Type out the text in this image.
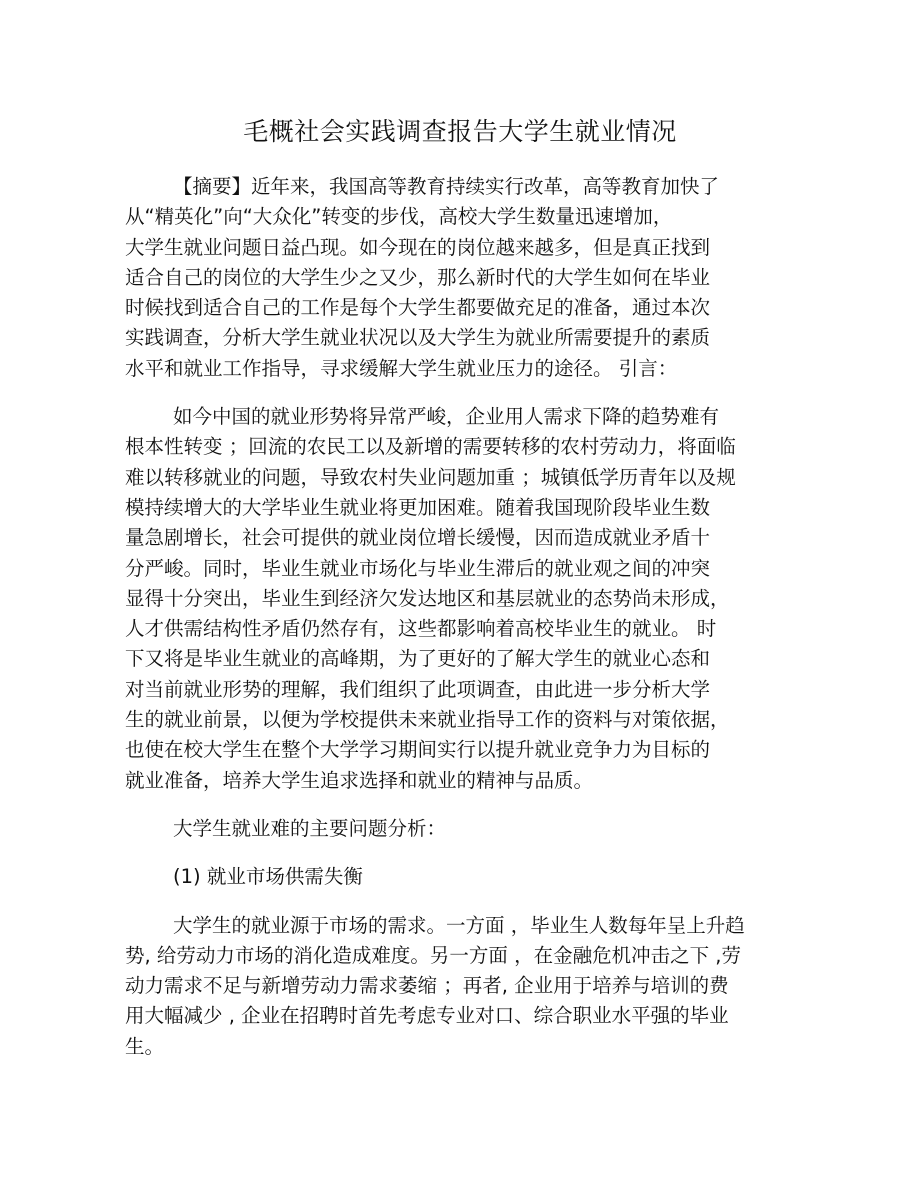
毛概社会实践调查报告大学生就业情况

【摘要】近年来，我国高等教育持续实行改革，高等教育加快了
从“精英化”向“大众化”转变的步伐，高校大学生数量迅速增加，
大学生就业问题日益凸现。如今现在的岗位越来越多，但是真正找到
适合自己的岗位的大学生少之又少，那么新时代的大学生如何在毕业
时候找到适合自己的工作是每个大学生都要做充足的准备，通过本次
实践调查，分析大学生就业状况以及大学生为就业所需要提升的素质
水平和就业工作指导，寻求缓解大学生就业压力的途径。 引言：

如今中国的就业形势将异常严峻，企业用人需求下降的趋势难有
根本性转变 ；回流的农民工以及新增的需要转移的农村劳动力，将面临
难以转移就业的问题，导致农村失业问题加重 ；城镇低学历青年以及规
模持续增大的大学毕业生就业将更加困难。随着我国现阶段毕业生数
量急剧增长，社会可提供的就业岗位增长缓慢，因而造成就业矛盾十
分严峻。同时，毕业生就业市场化与毕业生滞后的就业观之间的冲突
显得十分突出，毕业生到经济欠发达地区和基层就业的态势尚未形成，
人才供需结构性矛盾仍然存有，这些都影响着高校毕业生的就业。 时
下又将是毕业生就业的高峰期，为了更好的了解大学生的就业心态和
对当前就业形势的理解，我们组织了此项调查，由此进一步分析大学
生的就业前景，以便为学校提供未来就业指导工作的资料与对策依据，
也使在校大学生在整个大学学习期间实行以提升就业竞争力为目标的
就业准备，培养大学生追求选择和就业的精神与品质。

大学生就业难的主要问题分析：

(1) 就业市场供需失衡

大学生的就业源于市场的需求。一方面 ，毕业生人数每年呈上升趋
势, 给劳动力市场的消化造成难度。另一方面 ，在金融危机冲击之下 ,劳
动力需求不足与新增劳动力需求萎缩 ；再者, 企业用于培养与培训的费
用大幅减少 , 企业在招聘时首先考虑专业对口、综合职业水平强的毕业
生。
